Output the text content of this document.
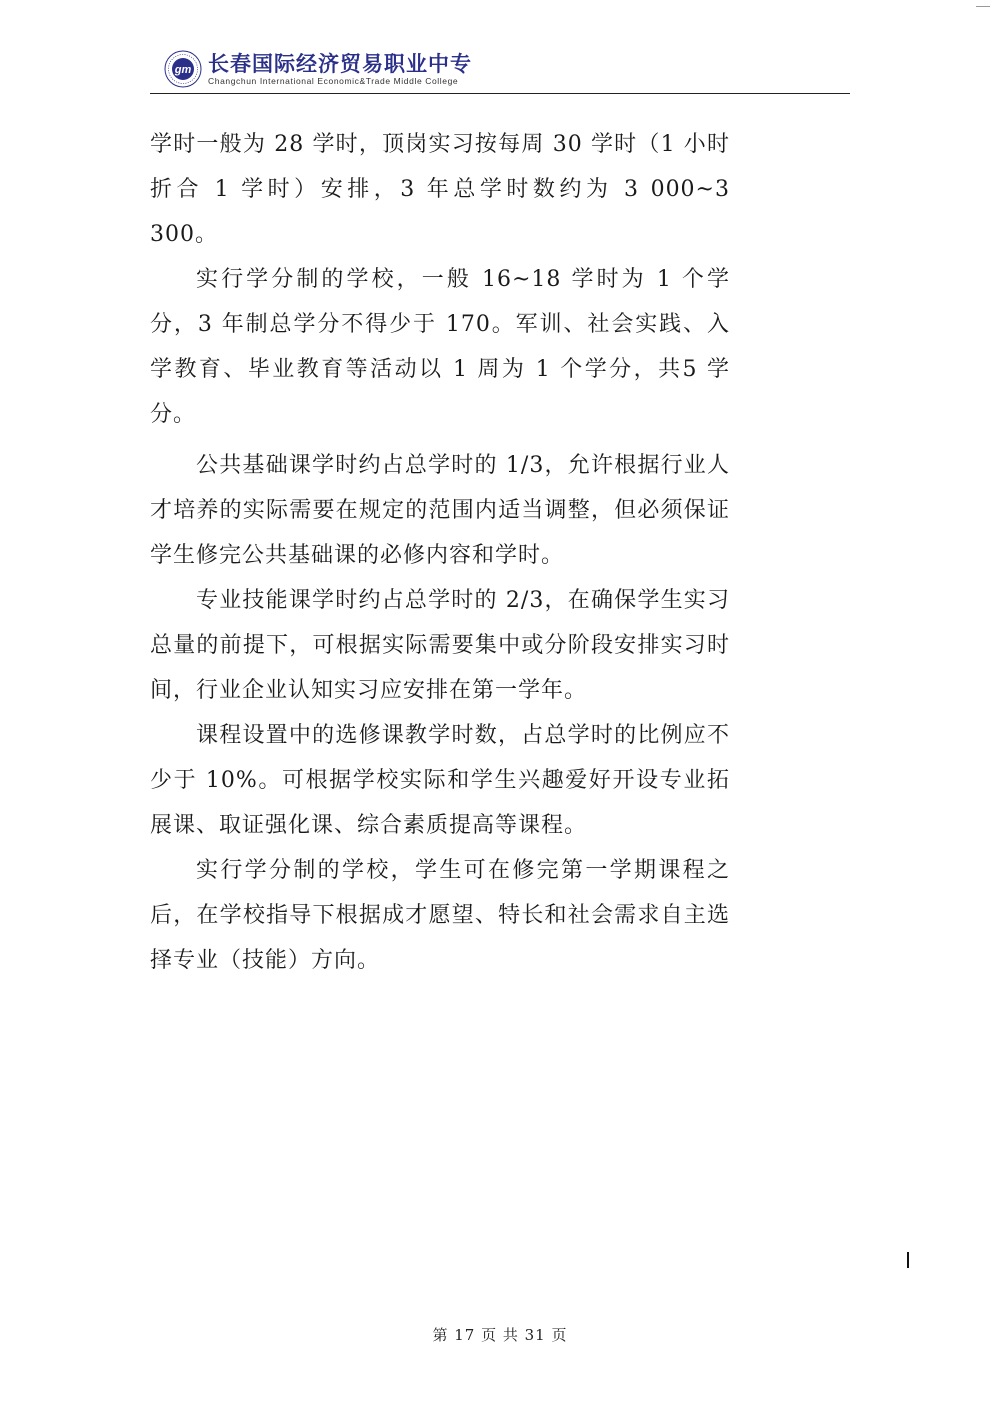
gm 长春国际经济贸易职业中专
Changchun International Economic&Trade Middle College

学时一般为 28 学时，顶岗实习按每周 30 学时（1 小时折合 1 学时）安排，3 年总学时数约为 3 000~3 300。

实行学分制的学校，一般 16~18 学时为 1 个学分，3 年制总学分不得少于 170。军训、社会实践、入学教育、毕业教育等活动以 1 周为 1 个学分，共5 学分。

公共基础课学时约占总学时的 1/3，允许根据行业人才培养的实际需要在规定的范围内适当调整，但必须保证学生修完公共基础课的必修内容和学时。

专业技能课学时约占总学时的 2/3，在确保学生实习总量的前提下，可根据实际需要集中或分阶段安排实习时间，行业企业认知实习应安排在第一学年。

课程设置中的选修课教学时数，占总学时的比例应不少于 10%。可根据学校实际和学生兴趣爱好开设专业拓展课、取证强化课、综合素质提高等课程。

实行学分制的学校，学生可在修完第一学期课程之后，在学校指导下根据成才愿望、特长和社会需求自主选择专业（技能）方向。

第 17 页 共 31 页
